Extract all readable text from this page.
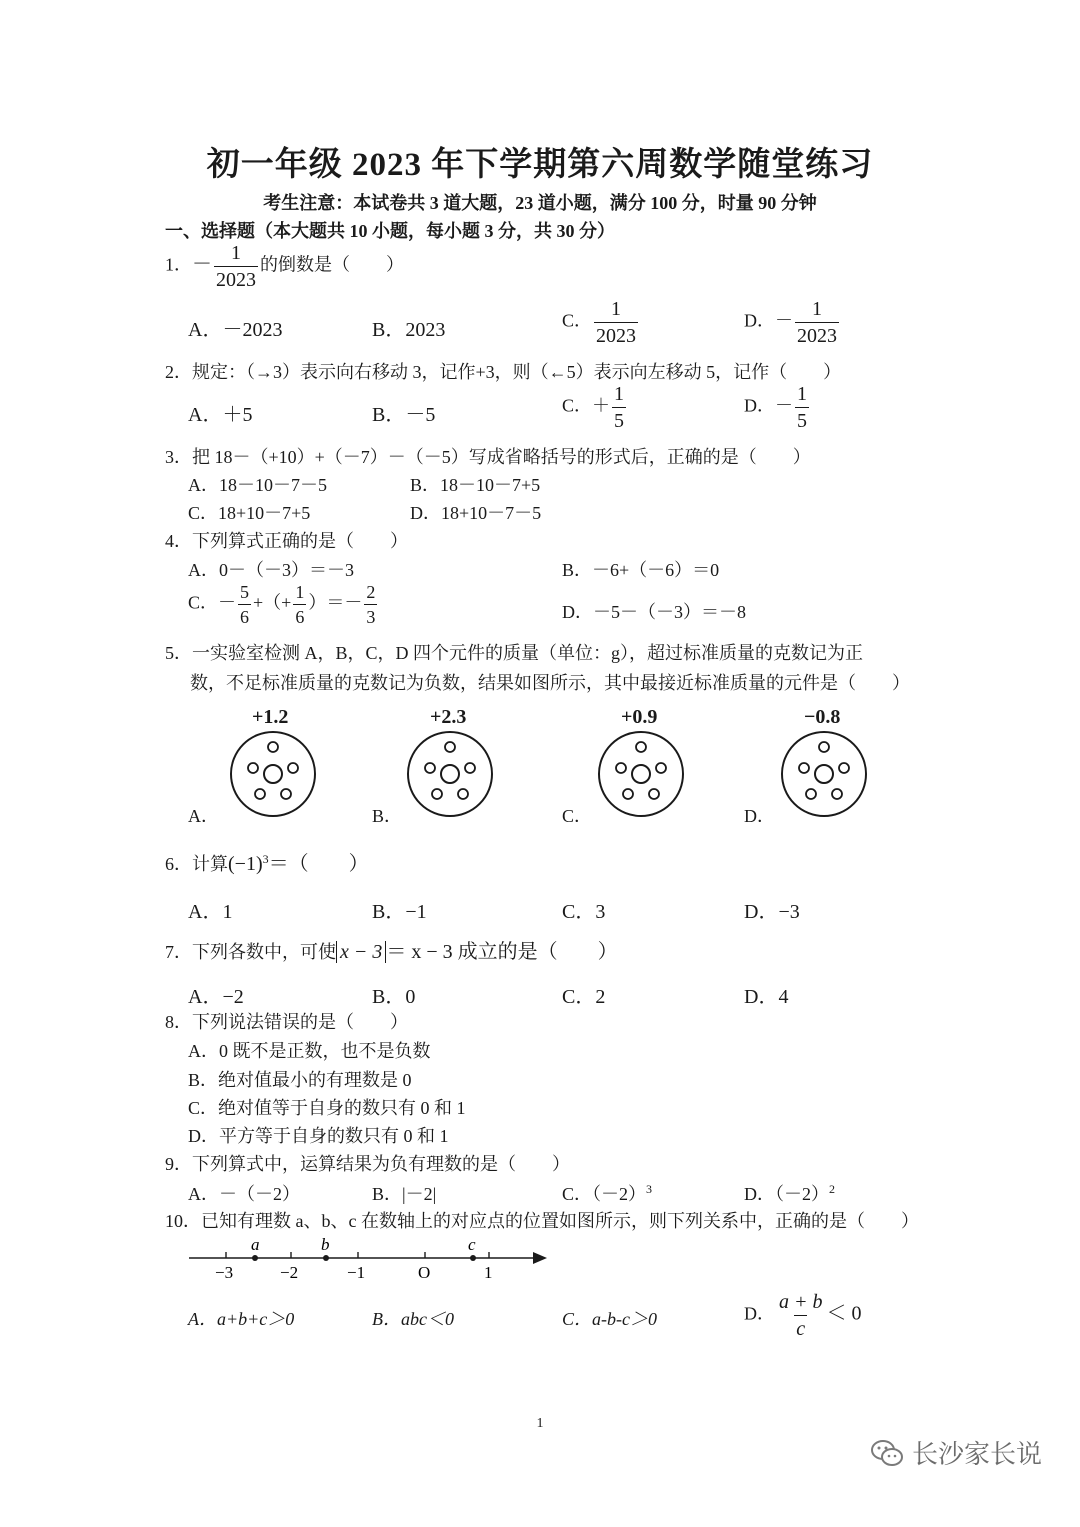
初一年级 2023 年下学期第六周数学随堂练习
考生注意：本试卷共 3 道大题，23 道小题，满分 100 分，时量 90 分钟
一、选择题（本大题共 10 小题，每小题 3 分，共 30 分）
1．－ $\frac{1}{2023}$ 的倒数是（　　）
A．－2023	B．2023	C． $\frac{1}{2023}$	D．－ $\frac{1}{2023}$
2．规定：（→3）表示向右移动 3，记作+3，则（←5）表示向左移动 5，记作（　　）
A．＋5	B．－5	C．＋ $\frac{1}{5}$	D．－ $\frac{1}{5}$
3．把 18－（+10）+（－7）－（－5）写成省略括号的形式后，正确的是（　　）
A．18－10－7－5	B．18－10－7+5
C．18+10－7+5	D．18+10－7－5
4．下列算式正确的是（　　）
A．0－（－3）＝－3	B．－6+（－6）＝0
C．－ $\frac{5}{6}$ +（+ $\frac{1}{6}$ ）＝－ $\frac{2}{3}$	D．－5－（－3）＝－8
5．一实验室检测 A，B，C，D 四个元件的质量（单位：g），超过标准质量的克数记为正
数，不足标准质量的克数记为负数，结果如图所示，其中最接近标准质量的元件是（　　）
+1.2	+2.3	+0.9	−0.8
A．	B．	C．	D．
6．计算$(-1)^3=$（　　）
A．1	B．−1	C．3	D．−3
7．下列各数中，可使 x − 3 ＝ x − 3 成立的是（　　）
A．−2	B．0	C．2	D．4
8．下列说法错误的是（　　）
A．0 既不是正数，也不是负数
B．绝对值最小的有理数是 0
C．绝对值等于自身的数只有 0 和 1
D．平方等于自身的数只有 0 和 1
9．下列算式中，运算结果为负有理数的是（　　）
A．－（－2）	B．|－2|	C．$(-2)^3$	D．$(-2)^2$
10．已知有理数 a、b、c 在数轴上的对应点的位置如图所示，则下列关系中，正确的是（　　）
a	b	c
−3	−2	−1	O	1
A．a+b+c＞0	B．abc＜0	C．a-b-c＞0	D． $\frac{a + b}{c} < 0$
1
长沙家长说
